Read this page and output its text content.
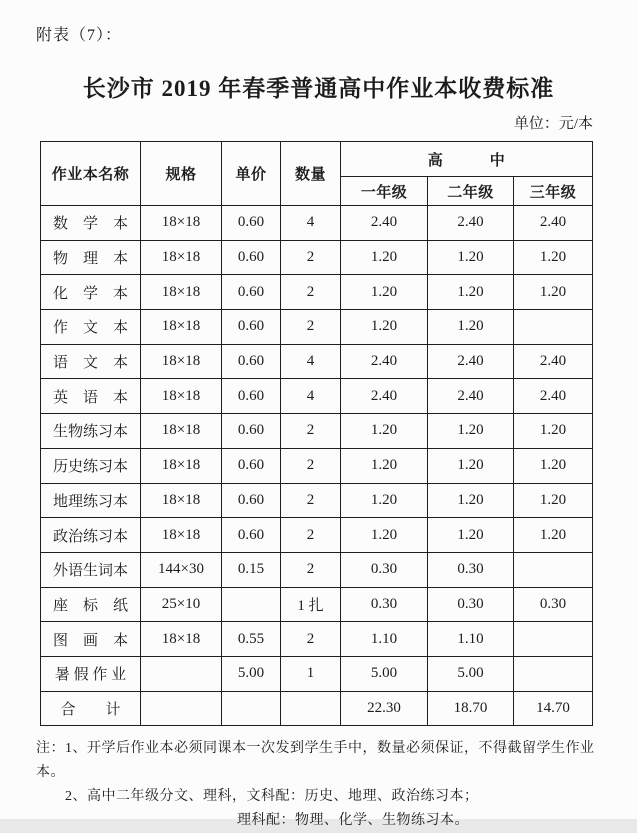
附表（7）：
长沙市 2019 年春季普通高中作业本收费标准
单位：元/本
作业本名称	规格	单价	数量	高　　　中		
				一年级	二年级	三年级
数　学　本	18×18	0.60	4	2.40	2.40	2.40
物　理　本	18×18	0.60	2	1.20	1.20	1.20
化　学　本	18×18	0.60	2	1.20	1.20	1.20
作　文　本	18×18	0.60	2	1.20	1.20	
语　文　本	18×18	0.60	4	2.40	2.40	2.40
英　语　本	18×18	0.60	4	2.40	2.40	2.40
生物练习本	18×18	0.60	2	1.20	1.20	1.20
历史练习本	18×18	0.60	2	1.20	1.20	1.20
地理练习本	18×18	0.60	2	1.20	1.20	1.20
政治练习本	18×18	0.60	2	1.20	1.20	1.20
外语生词本	144×30	0.15	2	0.30	0.30	
座　标　纸	25×10		1 扎	0.30	0.30	0.30
图　画　本	18×18	0.55	2	1.10	1.10	
暑 假 作 业		5.00	1	5.00	5.00	
合　　计				22.30	18.70	14.70
注：1、开学后作业本必须同课本一次发到学生手中，数量必须保证，不得截留学生作业本。
2、高中二年级分文、理科，文科配：历史、地理、政治练习本；
理科配：物理、化学、生物练习本。
